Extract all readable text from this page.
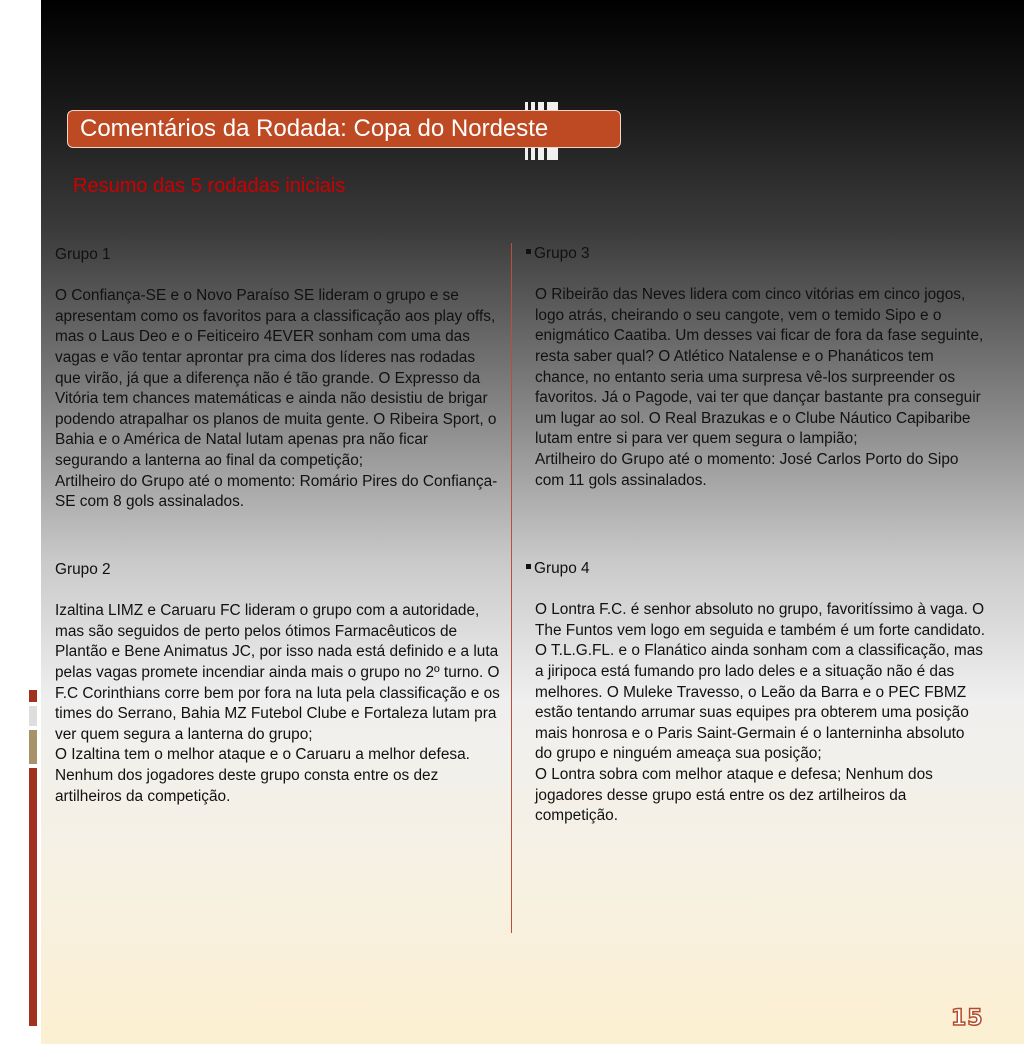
Comentários da Rodada: Copa do Nordeste
Resumo das 5 rodadas iniciais
Grupo 1
O Confiança-SE e o Novo Paraíso SE lideram o grupo e se apresentam como os favoritos para a classificação aos play offs, mas o Laus Deo e o Feiticeiro 4EVER sonham com uma das vagas e vão tentar aprontar pra cima dos líderes nas rodadas que virão, já que a diferença não é tão grande. O Expresso da Vitória tem chances matemáticas e ainda não desistiu de brigar podendo atrapalhar os planos de muita gente. O Ribeira Sport, o Bahia e o América de Natal lutam apenas pra não ficar segurando a lanterna ao final da competição;
Artilheiro do Grupo até o momento: Romário Pires do Confiança-SE com 8 gols assinalados.
Grupo 2
Izaltina LIMZ e Caruaru FC lideram o grupo com a autoridade, mas são seguidos de perto pelos ótimos Farmacêuticos de Plantão e Bene Animatus JC, por isso nada está definido e a luta pelas vagas promete incendiar ainda mais o grupo no 2º turno. O F.C Corinthians corre bem por fora na luta pela classificação e os times do Serrano, Bahia MZ Futebol Clube e Fortaleza lutam pra ver quem segura a lanterna do grupo;
O Izaltina tem o melhor ataque e o Caruaru a melhor defesa. Nenhum dos jogadores deste grupo consta entre os dez artilheiros da competição.
Grupo 3
O Ribeirão das Neves lidera com cinco vitórias em cinco jogos, logo atrás, cheirando o seu cangote, vem o temido Sipo e o enigmático Caatiba. Um desses vai ficar de fora da fase seguinte, resta saber qual? O Atlético Natalense e o Phanáticos tem chance, no entanto seria uma surpresa vê-los surpreender os favoritos. Já o Pagode, vai ter que dançar bastante pra conseguir um lugar ao sol. O Real Brazukas e o Clube Náutico Capibaribe lutam entre si para ver quem segura o lampião;
Artilheiro do Grupo até o momento: José Carlos Porto do Sipo com 11 gols assinalados.
Grupo 4
O Lontra F.C. é senhor absoluto no grupo, favoritíssimo à vaga. O The Funtos vem logo em seguida e também é um forte candidato. O T.L.G.FL. e o Flanático ainda sonham com a classificação, mas a jiripoca está fumando pro lado deles e a situação não é das melhores. O Muleke Travesso, o Leão da Barra e o PEC FBMZ estão tentando arrumar suas equipes pra obterem uma posição mais honrosa e o Paris Saint-Germain é o lanterninha absoluto do grupo e ninguém ameaça sua posição;
O Lontra sobra com melhor ataque e defesa; Nenhum dos jogadores desse grupo está entre os dez artilheiros da competição.
15
